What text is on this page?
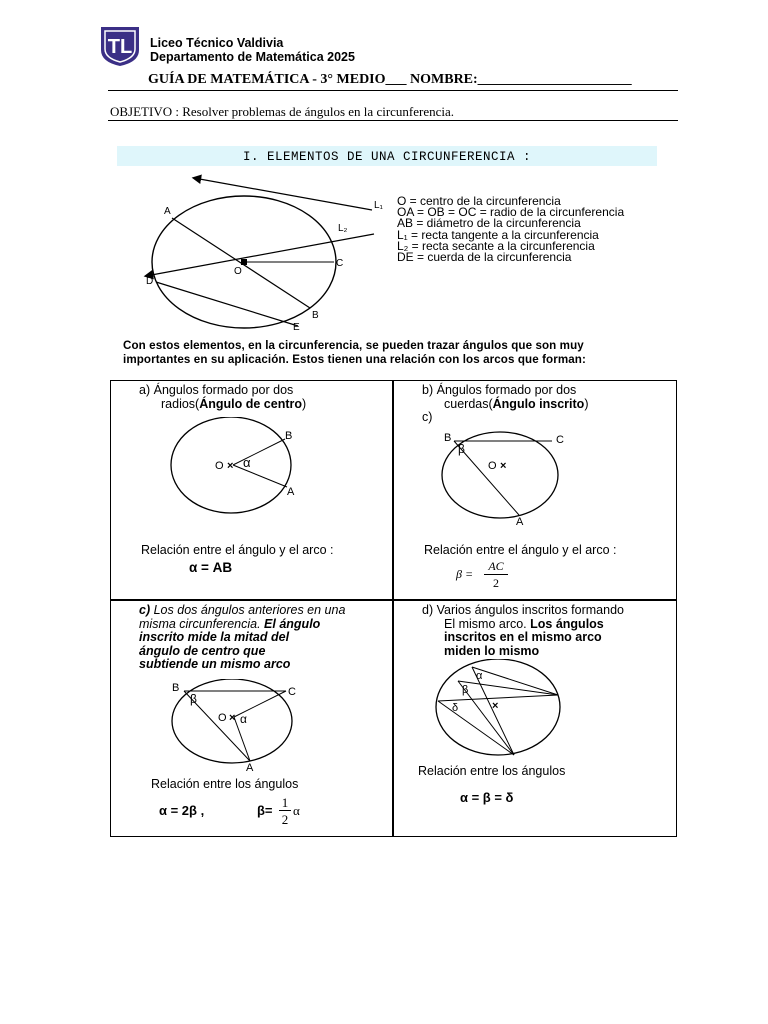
TL Liceo Técnico Valdivia
Departamento de Matemática 2025
GUÍA DE MATEMÁTICA - 3° MEDIO___ NOMBRE:______________________
OBJETIVO : Resolver problemas de ángulos en la circunferencia.
I. ELEMENTOS DE UNA CIRCUNFERENCIA :
A
B
C
D
E
O
L₁
L₂
O = centro de la circunferencia
OA = OB = OC = radio de la circunferencia
AB = diámetro de la circunferencia
L₁ = recta tangente a la circunferencia
L₂ = recta secante a la circunferencia
DE = cuerda de la circunferencia
Con estos elementos, en la circunferencia, se pueden trazar ángulos que son muy importantes en su aplicación. Estos tienen una relación con los arcos que forman:
a) Ángulos formado por dos
radios(Ángulo de centro)
×
O
B
A
α
Relación entre el ángulo y el arco :
α = AB
b) Ángulos formado por dos
cuerdas(Ángulo inscrito)
c)
B	C
O ×
A
β
Relación entre el ángulo y el arco :
β =
AC
2
c) Los dos ángulos anteriores en una
misma circunferencia. El ángulo
inscrito mide la mitad del
ángulo de centro que
subtiende un mismo arco
B	C
O ×
A
α
β
Relación entre los ángulos
α = 2β ,	β=
1
2
α
d) Varios ángulos inscritos formando
El mismo arco. Los ángulos
inscritos en el mismo arco
miden lo mismo
α
β
δ	×
Relación entre los ángulos
α = β = δ
